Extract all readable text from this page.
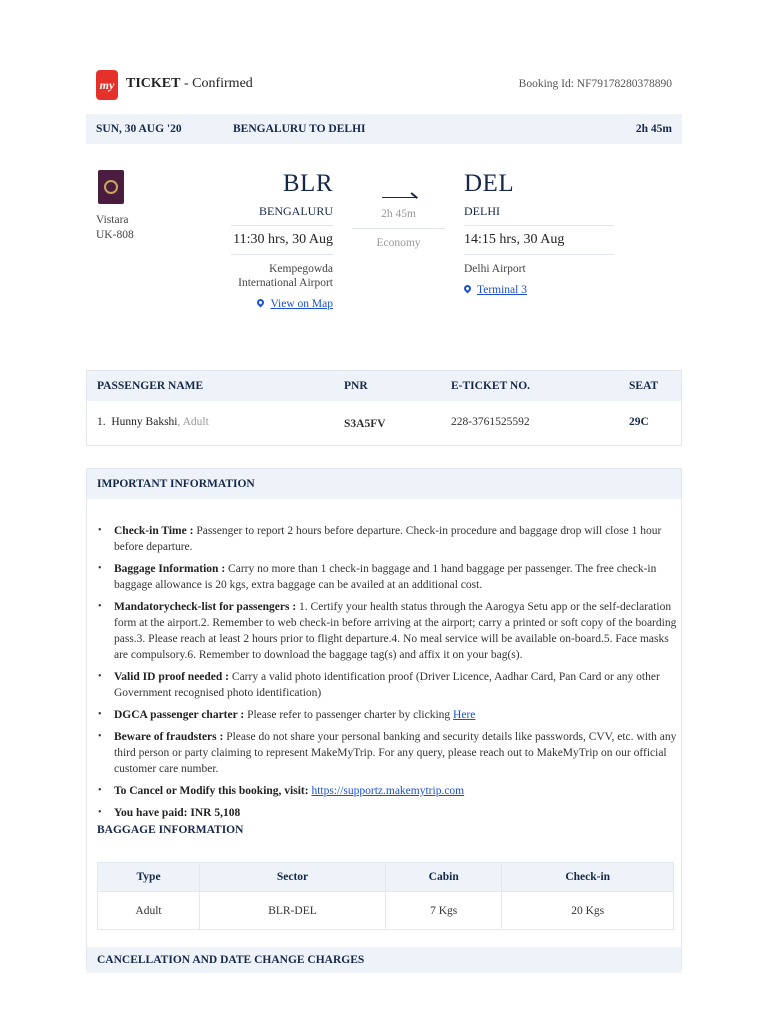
my TICKET - Confirmed	Booking Id: NF79178280378890
SUN, 30 AUG '20	BENGALURU TO DELHI	2h 45m
Vistara
UK-808
BLR
BENGALURU
11:30 hrs, 30 Aug
Kempegowda
International Airport
View on Map
2h 45m
Economy
DEL
DELHI
14:15 hrs, 30 Aug
Delhi Airport
Terminal 3
PASSENGER NAME	PNR	E-TICKET NO.	SEAT
1. Hunny Bakshi, Adult	S3A5FV	228-3761525592	29C
IMPORTANT INFORMATION
• Check-in Time : Passenger to report 2 hours before departure. Check-in procedure and baggage drop will close 1 hour before departure.
• Baggage Information : Carry no more than 1 check-in baggage and 1 hand baggage per passenger. The free check-in baggage allowance is 20 kgs, extra baggage can be availed at an additional cost.
• Mandatorycheck-list for passengers : 1. Certify your health status through the Aarogya Setu app or the self-declaration form at the airport.2. Remember to web check-in before arriving at the airport; carry a printed or soft copy of the boarding pass.3. Please reach at least 2 hours prior to flight departure.4. No meal service will be available on-board.5. Face masks are compulsory.6. Remember to download the baggage tag(s) and affix it on your bag(s).
• Valid ID proof needed : Carry a valid photo identification proof (Driver Licence, Aadhar Card, Pan Card or any other Government recognised photo identification)
• DGCA passenger charter : Please refer to passenger charter by clicking Here
• Beware of fraudsters : Please do not share your personal banking and security details like passwords, CVV, etc. with any third person or party claiming to represent MakeMyTrip. For any query, please reach out to MakeMyTrip on our official customer care number.
• To Cancel or Modify this booking, visit: https://supportz.makemytrip.com
• You have paid: INR 5,108
BAGGAGE INFORMATION
Type	Sector	Cabin	Check-in
Adult	BLR-DEL	7 Kgs	20 Kgs
CANCELLATION AND DATE CHANGE CHARGES
